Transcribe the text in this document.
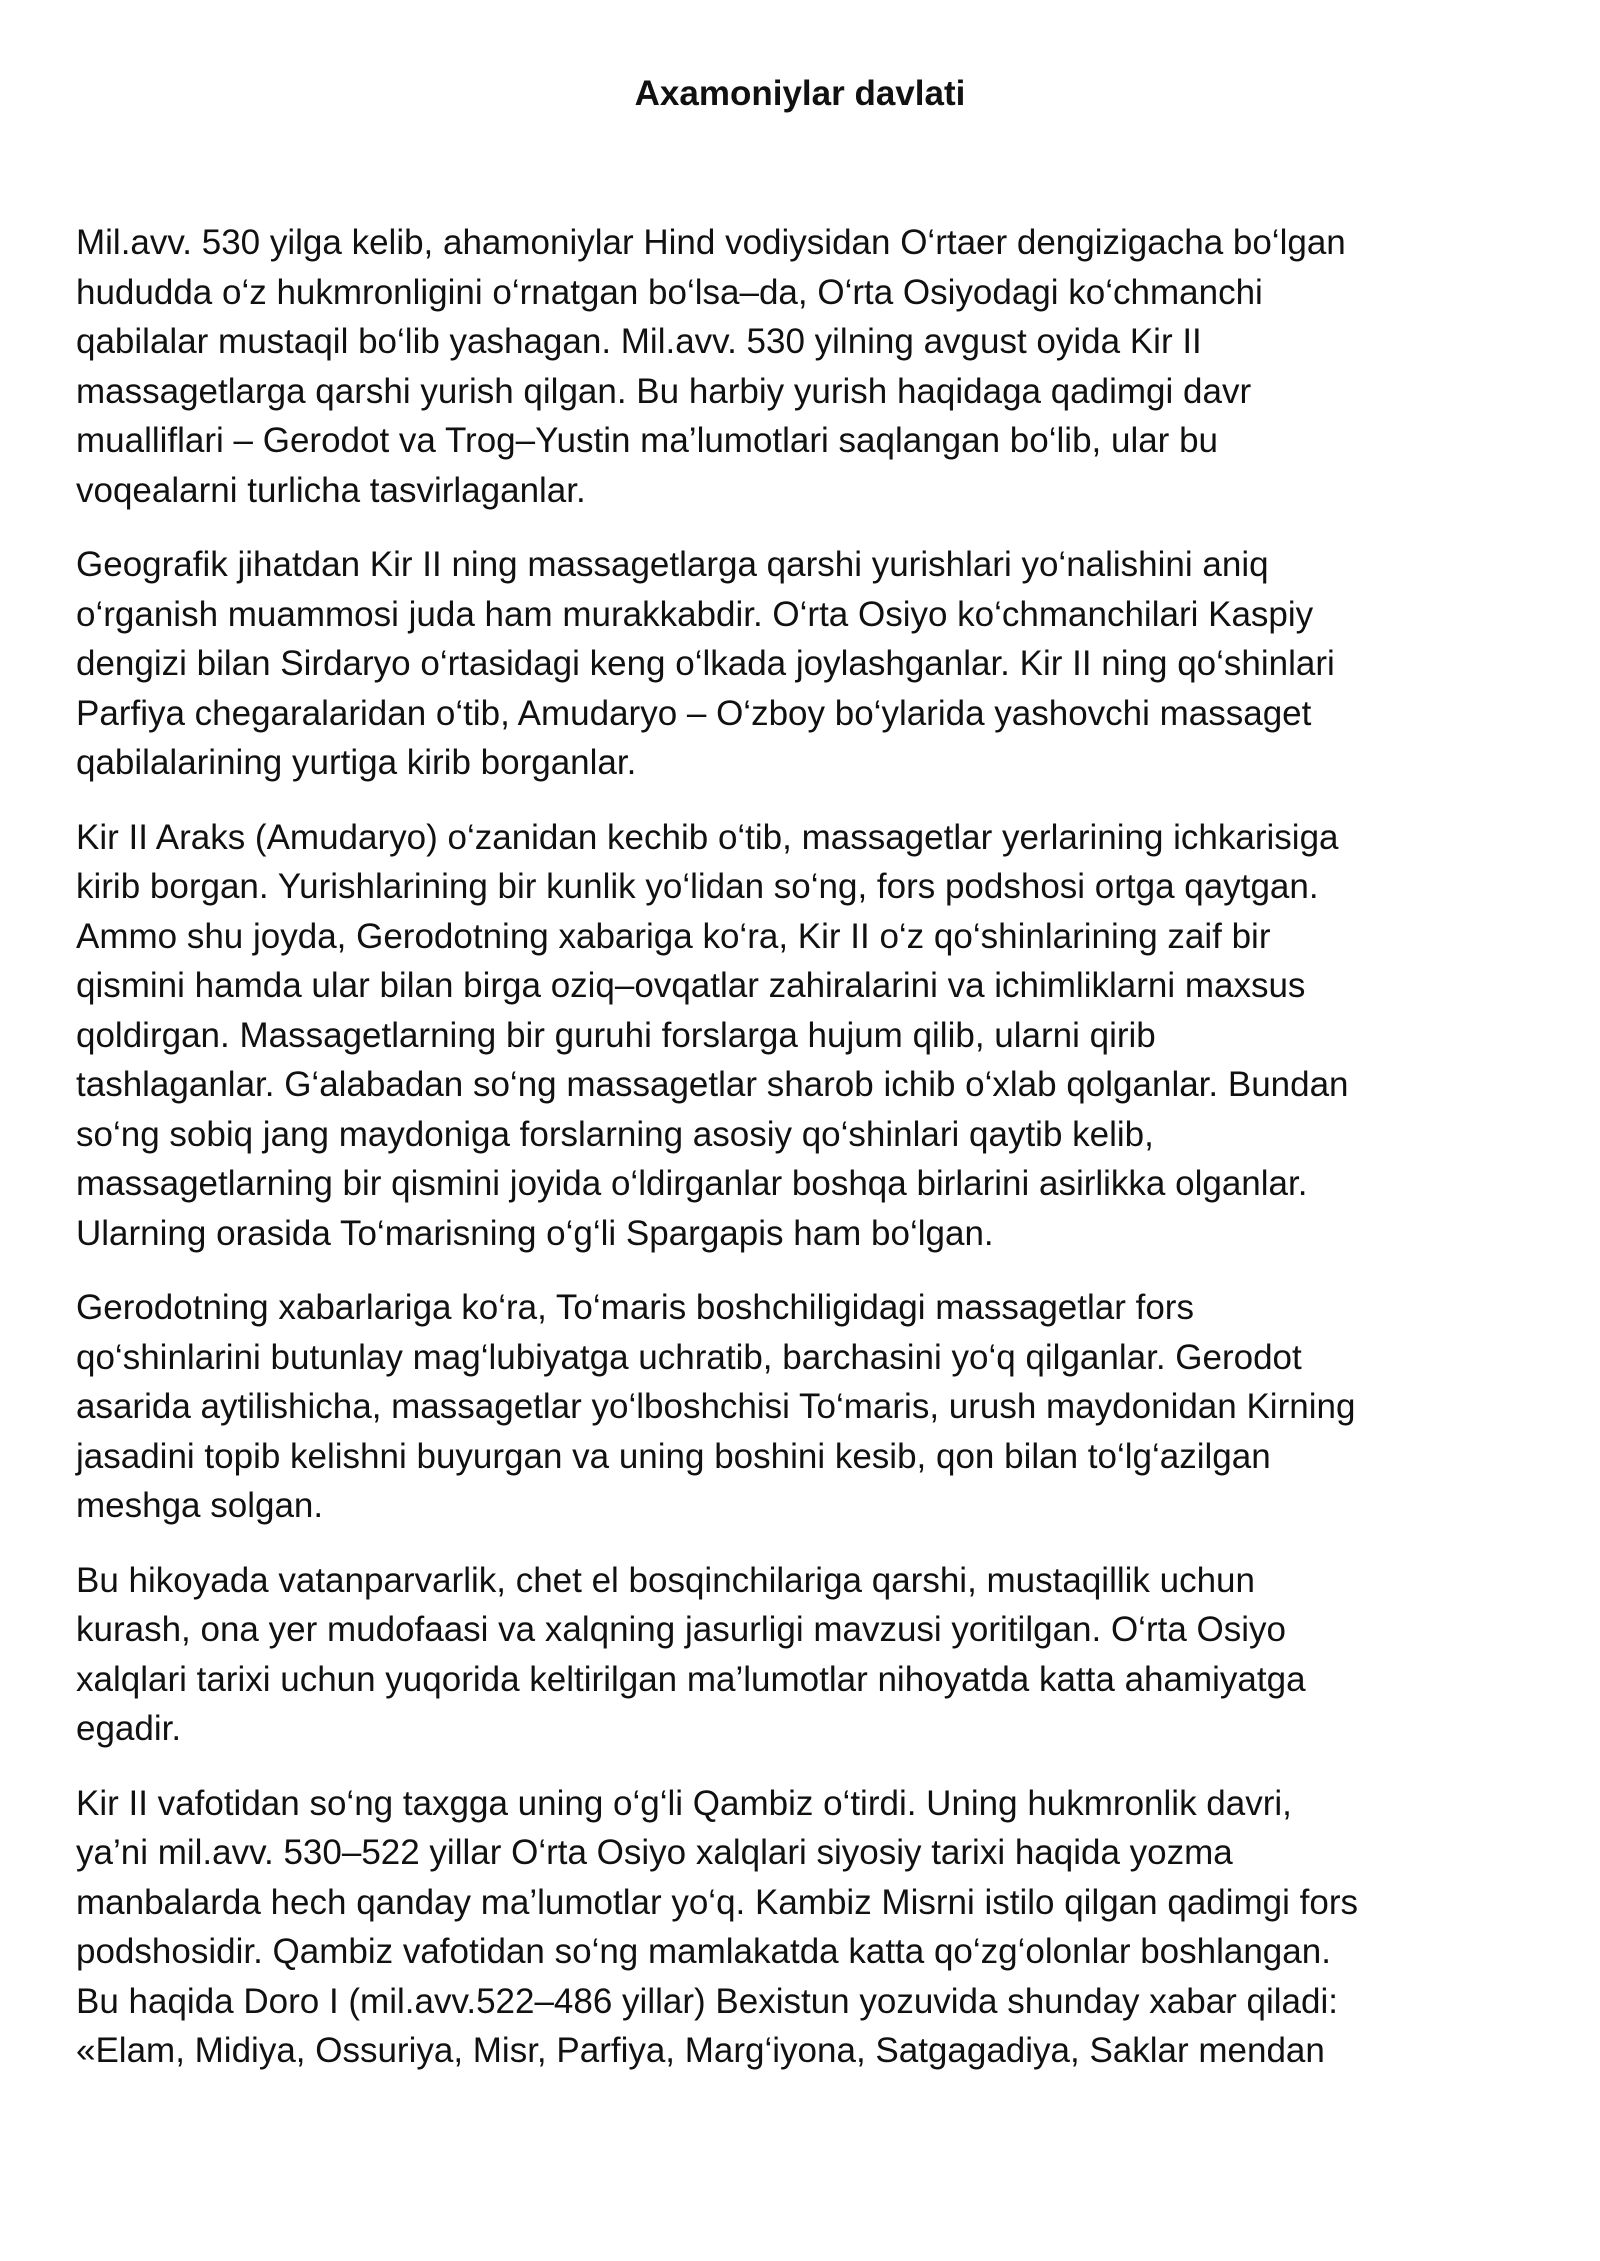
Axamoniylar davlati

Mil.avv. 530 yilga kelib, ahamoniylar Hind vodiysidan O‘rtaer dengizigacha bo‘lgan
hududda o‘z hukmronligini o‘rnatgan bo‘lsa–da, O‘rta Osiyodagi ko‘chmanchi
qabilalar mustaqil bo‘lib yashagan. Mil.avv. 530 yilning avgust oyida Kir II
massagetlarga qarshi yurish qilgan. Bu harbiy yurish haqidaga qadimgi davr
mualliflari – Gerodot va Trog–Yustin ma’lumotlari saqlangan bo‘lib, ular bu
voqealarni turlicha tasvirlaganlar.

Geografik jihatdan Kir II ning massagetlarga qarshi yurishlari yo‘nalishini aniq
o‘rganish muammosi juda ham murakkabdir. O‘rta Osiyo ko‘chmanchilari Kaspiy
dengizi bilan Sirdaryo o‘rtasidagi keng o‘lkada joylashganlar. Kir II ning qo‘shinlari
Parfiya chegaralaridan o‘tib, Amudaryo – O‘zboy bo‘ylarida yashovchi massaget
qabilalarining yurtiga kirib borganlar.

Kir II Araks (Amudaryo) o‘zanidan kechib o‘tib, massagetlar yerlarining ichkarisiga
kirib borgan. Yurishlarining bir kunlik yo‘lidan so‘ng, fors podshosi ortga qaytgan.
Ammo shu joyda, Gerodotning xabariga ko‘ra, Kir II o‘z qo‘shinlarining zaif bir
qismini hamda ular bilan birga oziq–ovqatlar zahiralarini va ichimliklarni maxsus
qoldirgan. Massagetlarning bir guruhi forslarga hujum qilib, ularni qirib
tashlaganlar. G‘alabadan so‘ng massagetlar sharob ichib o‘xlab qolganlar. Bundan
so‘ng sobiq jang maydoniga forslarning asosiy qo‘shinlari qaytib kelib,
massagetlarning bir qismini joyida o‘ldirganlar boshqa birlarini asirlikka olganlar.
Ularning orasida To‘marisning o‘g‘li Spargapis ham bo‘lgan.

Gerodotning xabarlariga ko‘ra, To‘maris boshchiligidagi massagetlar fors
qo‘shinlarini butunlay mag‘lubiyatga uchratib, barchasini yo‘q qilganlar. Gerodot
asarida aytilishicha, massagetlar yo‘lboshchisi To‘maris, urush maydonidan Kirning
jasadini topib kelishni buyurgan va uning boshini kesib, qon bilan to‘lg‘azilgan
meshga solgan.

Bu hikoyada vatanparvarlik, chet el bosqinchilariga qarshi, mustaqillik uchun
kurash, ona yer mudofaasi va xalqning jasurligi mavzusi yoritilgan. O‘rta Osiyo
xalqlari tarixi uchun yuqorida keltirilgan ma’lumotlar nihoyatda katta ahamiyatga
egadir.

Kir II vafotidan so‘ng taxgga uning o‘g‘li Qambiz o‘tirdi. Uning hukmronlik davri,
ya’ni mil.avv. 530–522 yillar O‘rta Osiyo xalqlari siyosiy tarixi haqida yozma
manbalarda hech qanday ma’lumotlar yo‘q. Kambiz Misrni istilo qilgan qadimgi fors
podshosidir. Qambiz vafotidan so‘ng mamlakatda katta qo‘zg‘olonlar boshlangan.
Bu haqida Doro I (mil.avv.522–486 yillar) Bexistun yozuvida shunday xabar qiladi:
«Elam, Midiya, Ossuriya, Misr, Parfiya, Marg‘iyona, Satgagadiya, Saklar mendan
